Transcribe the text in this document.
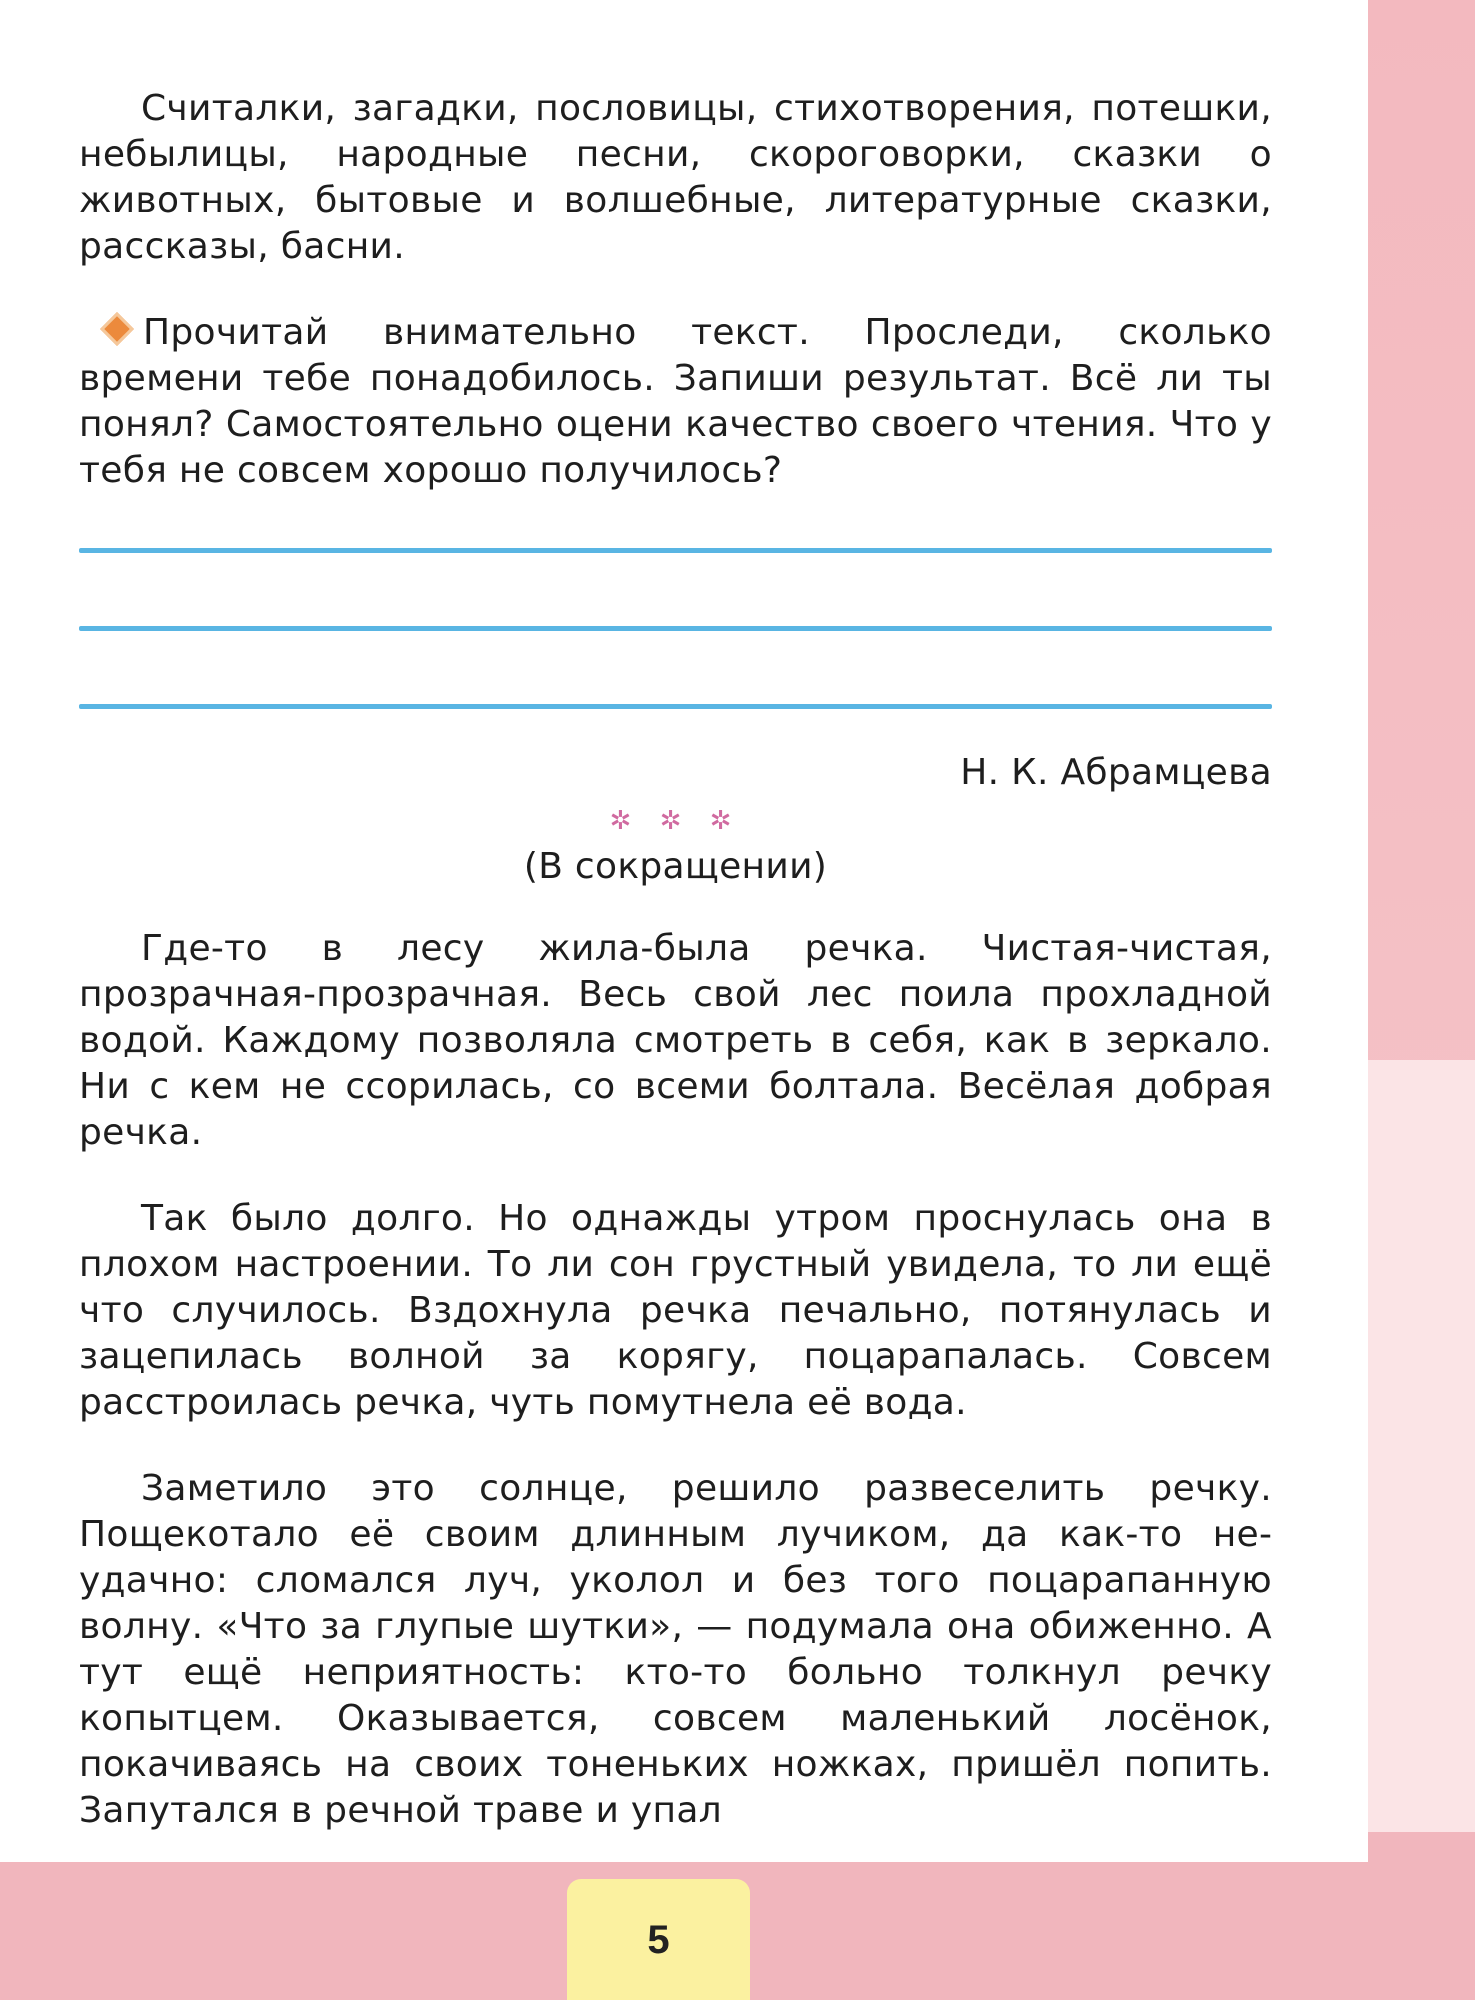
Считалки, загадки, пословицы, стихотворения, потешки, небылицы, народные песни, скороговорки, сказки о животных, бытовые и волшебные, литературные сказки, рассказы, басни.

Прочитай внимательно текст. Проследи, сколько времени тебе понадобилось. Запиши результат. Всё ли ты понял? Самостоятельно оцени качество своего чтения. Что у тебя не совсем хорошо получилось?

Н. К. Абрамцева
✲ ✲ ✲
(В сокращении)

Где-то в лесу жила-была речка. Чистая-чистая, прозрачная-прозрачная. Весь свой лес поила прохладной водой. Каждому позволяла смотреть в себя, как в зеркало. Ни с кем не ссорилась, со всеми болтала. Весёлая добрая речка.

Так было долго. Но однажды утром проснулась она в плохом настроении. То ли сон грустный увидела, то ли ещё что случилось. Вздохнула речка печально, потянулась и зацепилась волной за корягу, поцарапалась. Совсем расстроилась речка, чуть помутнела её вода.

Заметило это солнце, решило развеселить речку. Пощекотало её своим длинным лучиком, да как-то неудачно: сломался луч, уколол и без того поцарапанную волну. «Что за глупые шутки», — подумала она обиженно. А тут ещё неприятность: кто-то больно толкнул речку копытцем. Оказывается, совсем маленький лосёнок, покачиваясь на своих тоненьких ножках, пришёл попить. Запутался в речной траве и упал

5
